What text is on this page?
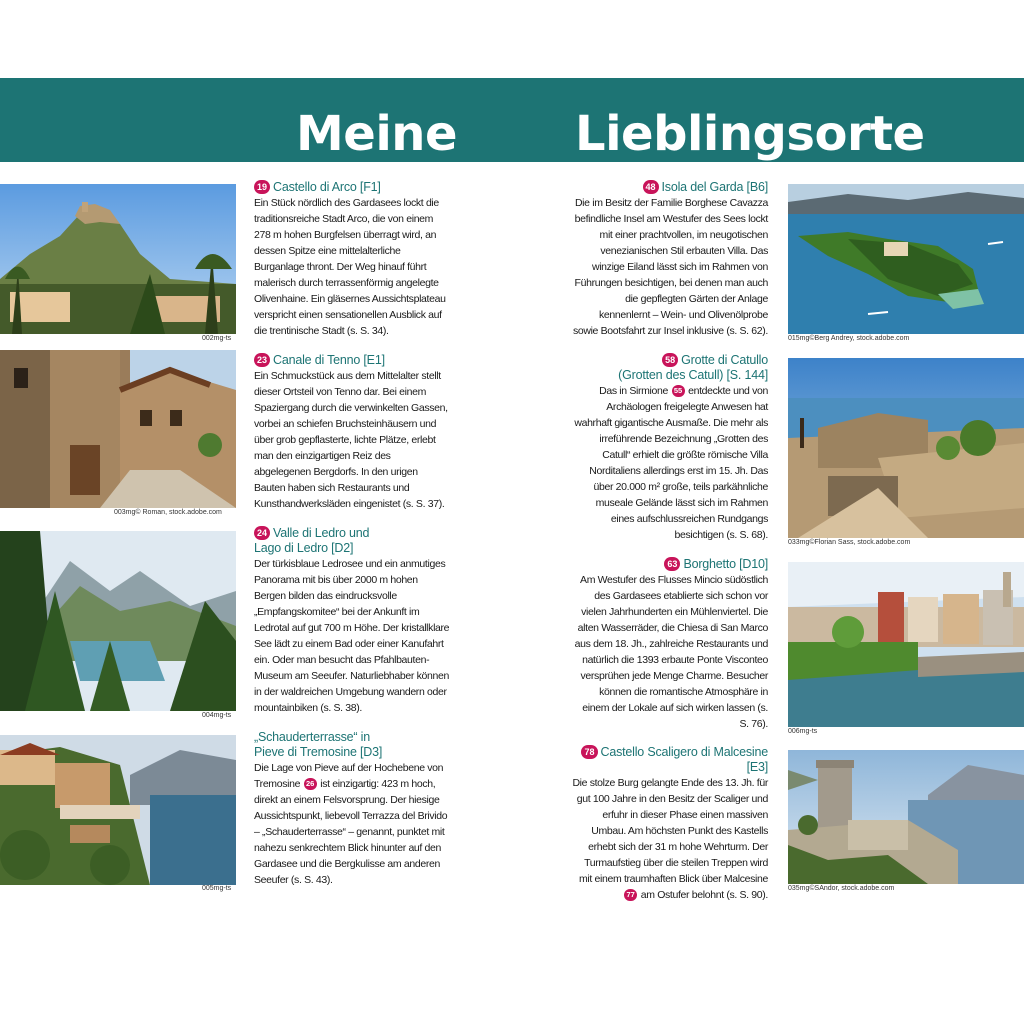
Meine Lieblingsorte
002mg-ts
003mg© Roman, stock.adobe.com
004mg-ts
005mg-ts
015mg©Berg Andrey, stock.adobe.com
033mg©Florian Sass, stock.adobe.com
006mg-ts
035mg©SAndor, stock.adobe.com
19 Castello di Arco [F1]

Ein Stück nördlich des Gardasees lockt die traditionsreiche Stadt Arco, die von einem 278 m hohen Burgfelsen überragt wird, an dessen Spitze eine mittelalterliche Burganlage thront. Der Weg hinauf führt malerisch durch terrassenförmig angelegte Olivenhaine. Ein gläsernes Aussichtsplateau verspricht einen sensationellen Ausblick auf die trentinische Stadt (s. S. 34).

23 Canale di Tenno [E1]

Ein Schmuckstück aus dem Mittelalter stellt dieser Ortsteil von Tenno dar. Bei einem Spaziergang durch die verwinkelten Gassen, vorbei an schiefen Bruchsteinhäusern und über grob gepflasterte, lichte Plätze, erlebt man den einzigartigen Reiz des abgelegenen Bergdorfs. In den urigen Bauten haben sich Restaurants und Kunsthandwerksläden eingenistet (s. S. 37).

24 Valle di Ledro und
Lago di Ledro [D2]

Der türkisblaue Ledrosee und ein anmutiges Panorama mit bis über 2000 m hohen Bergen bilden das eindrucksvolle „Empfangskomitee“ bei der Ankunft im Ledrotal auf gut 700 m Höhe. Der kristallklare See lädt zu einem Bad oder einer Kanufahrt ein. Oder man besucht das Pfahlbauten-Museum am Seeufer. Naturliebhaber können in der waldreichen Umgebung wandern oder mountainbiken (s. S. 38).

„Schauderterrasse“ in
Pieve di Tremosine [D3]

Die Lage von Pieve auf der Hochebene von Tremosine 26 ist einzigartig: 423 m hoch, direkt an einem Felsvorsprung. Der hiesige Aussichtspunkt, liebevoll Terrazza del Brivido – „Schauderterrasse“ – genannt, punktet mit nahezu senkrechtem Blick hinunter auf den Gardasee und die Bergkulisse am anderen Seeufer (s. S. 43).

48 Isola del Garda [B6]

Die im Besitz der Familie Borghese Cavazza befindliche Insel am Westufer des Sees lockt mit einer prachtvollen, im neugotischen venezianischen Stil erbauten Villa. Das winzige Eiland lässt sich im Rahmen von Führungen besichtigen, bei denen man auch die gepflegten Gärten der Anlage kennenlernt – Wein- und Olivenölprobe sowie Bootsfahrt zur Insel inklusive (s. S. 62).

58 Grotte di Catullo
(Grotten des Catull) [S. 144]

Das in Sirmione 55 entdeckte und von Archäologen freigelegte Anwesen hat wahrhaft gigantische Ausmaße. Die mehr als irreführende Bezeichnung „Grotten des Catull“ erhielt die größte römische Villa Norditaliens allerdings erst im 15. Jh. Das über 20.000 m² große, teils parkähnliche museale Gelände lässt sich im Rahmen eines aufschlussreichen Rundgangs besichtigen (s. S. 68).

63 Borghetto [D10]

Am Westufer des Flusses Mincio südöstlich des Gardasees etablierte sich schon vor vielen Jahrhunderten ein Mühlenviertel. Die alten Wasserräder, die Chiesa di San Marco aus dem 18. Jh., zahlreiche Restaurants und natürlich die 1393 erbaute Ponte Visconteo versprühen jede Menge Charme. Besucher können die romantische Atmosphäre in einem der Lokale auf sich wirken lassen (s. S. 76).

78 Castello Scaligero di Malcesine [E3]

Die stolze Burg gelangte Ende des 13. Jh. für gut 100 Jahre in den Besitz der Scaliger und erfuhr in dieser Phase einen massiven Umbau. Am höchsten Punkt des Kastells erhebt sich der 31 m hohe Wehrturm. Der Turmaufstieg über die steilen Treppen wird mit einem traumhaften Blick über Malcesine 77 am Ostufer belohnt (s. S. 90).
